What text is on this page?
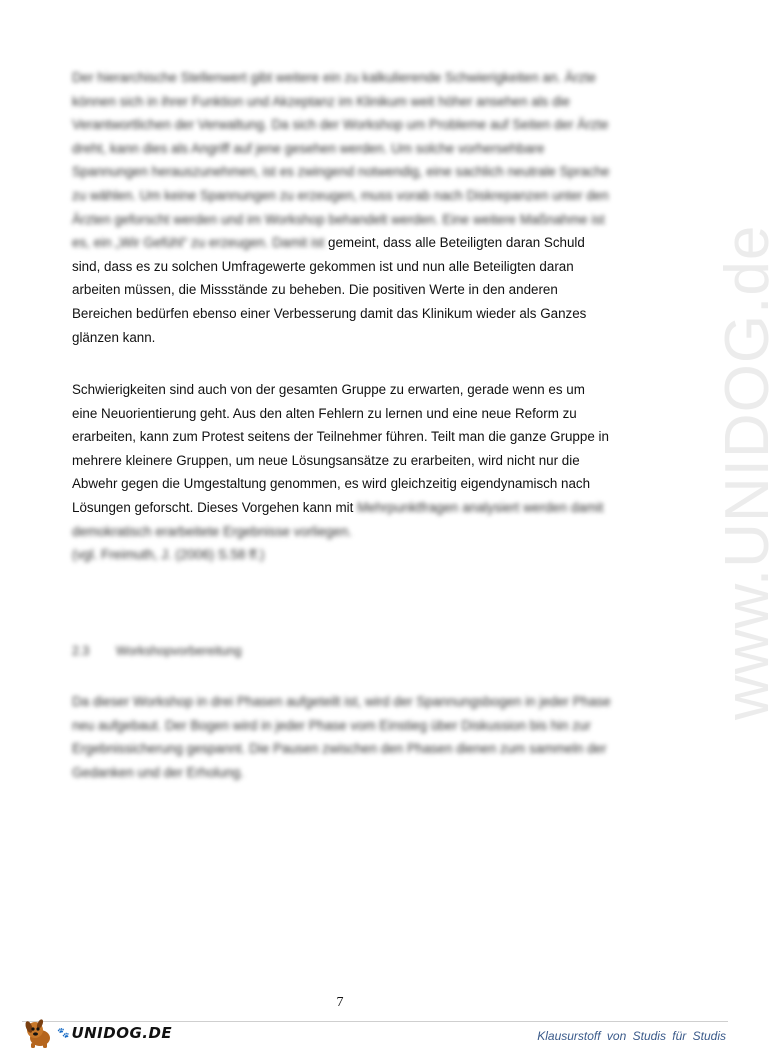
www.UNIDOG.de
Der hierarchische Stellenwert gibt weitere ein zu kalkulierende Schwierigkeiten an. Ärzte können sich in ihrer Funktion und Akzeptanz im Klinikum weit höher ansehen als die Verantwortlichen der Verwaltung. Da sich der Workshop um Probleme auf Seiten der Ärzte dreht, kann dies als Angriff auf jene gesehen werden. Um solche vorhersehbare Spannungen herauszunehmen, ist es zwingend notwendig, eine sachlich neutrale Sprache zu wählen. Um keine Spannungen zu erzeugen, muss vorab nach Diskrepanzen unter den Ärzten geforscht werden und im Workshop behandelt werden. Eine weitere Maßnahme ist es, ein „Wir Gefühl“ zu erzeugen. Damit ist gemeint, dass alle Beteiligten daran Schuld sind, dass es zu solchen Umfragewerte gekommen ist und nun alle Beteiligten daran arbeiten müssen, die Missstände zu beheben. Die positiven Werte in den anderen Bereichen bedürfen ebenso einer Verbesserung damit das Klinikum wieder als Ganzes glänzen kann.
Schwierigkeiten sind auch von der gesamten Gruppe zu erwarten, gerade wenn es um eine Neuorientierung geht. Aus den alten Fehlern zu lernen und eine neue Reform zu erarbeiten, kann zum Protest seitens der Teilnehmer führen. Teilt man die ganze Gruppe in mehrere kleinere Gruppen, um neue Lösungsansätze zu erarbeiten, wird nicht nur die Abwehr gegen die Umgestaltung genommen, es wird gleichzeitig eigendynamisch nach Lösungen geforscht. Dieses Vorgehen kann mit Mehrpunktfragen analysiert werden damit demokratisch erarbeitete Ergebnisse vorliegen.
(vgl. Freimuth, J. (2006) S.58 ff.)
2.3 Workshopvorbereitung
Da dieser Workshop in drei Phasen aufgeteilt ist, wird der Spannungsbogen in jeder Phase neu aufgebaut. Der Bogen wird in jeder Phase vom Einstieg über Diskussion bis hin zur Ergebnissicherung gespannt. Die Pausen zwischen den Phasen dienen zum sammeln der Gedanken und der Erholung.
7
🐾 UNIDOG.DE	Klausurstoff von Studis für Studis
